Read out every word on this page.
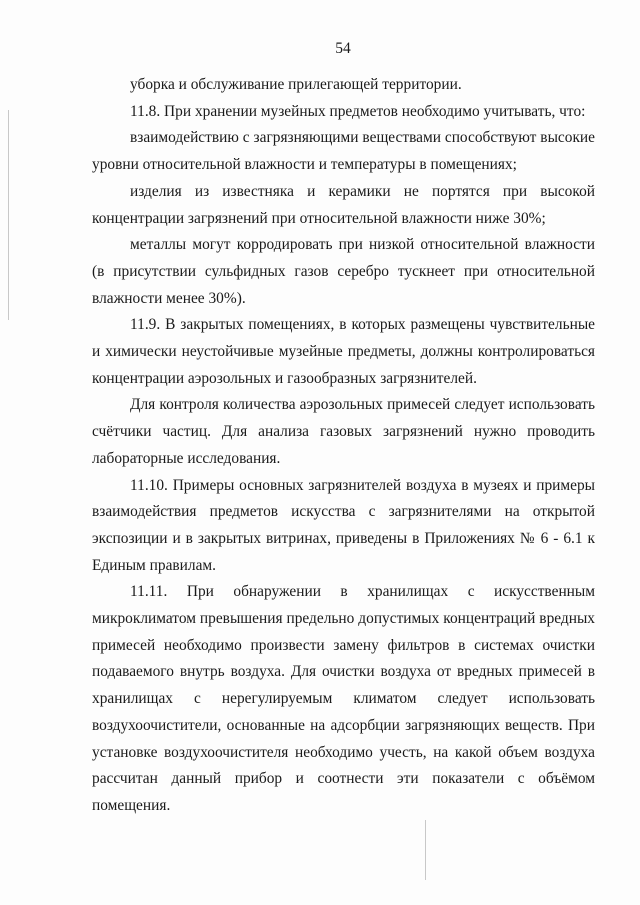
54

уборка и обслуживание прилегающей территории.

11.8. При хранении музейных предметов необходимо учитывать, что:

взаимодействию с загрязняющими веществами способствуют высокие уровни относительной влажности и температуры в помещениях;

изделия из известняка и керамики не портятся при высокой концентрации загрязнений при относительной влажности ниже 30%;

металлы могут корродировать при низкой относительной влажности (в присутствии сульфидных газов серебро тускнеет при относительной влажности менее 30%).

11.9. В закрытых помещениях, в которых размещены чувствительные и химически неустойчивые музейные предметы, должны контролироваться концентрации аэрозольных и газообразных загрязнителей.

Для контроля количества аэрозольных примесей следует использовать счётчики частиц. Для анализа газовых загрязнений нужно проводить лабораторные исследования.

11.10. Примеры основных загрязнителей воздуха в музеях и примеры взаимодействия предметов искусства с загрязнителями на открытой экспозиции и в закрытых витринах, приведены в Приложениях № 6 - 6.1 к Единым правилам.

11.11. При обнаружении в хранилищах с искусственным микроклиматом превышения предельно допустимых концентраций вредных примесей необходимо произвести замену фильтров в системах очистки подаваемого внутрь воздуха. Для очистки воздуха от вредных примесей в хранилищах с нерегулируемым климатом следует использовать воздухоочистители, основанные на адсорбции загрязняющих веществ. При установке воздухоочистителя необходимо учесть, на какой объем воздуха рассчитан данный прибор и соотнести эти показатели с объёмом помещения.
